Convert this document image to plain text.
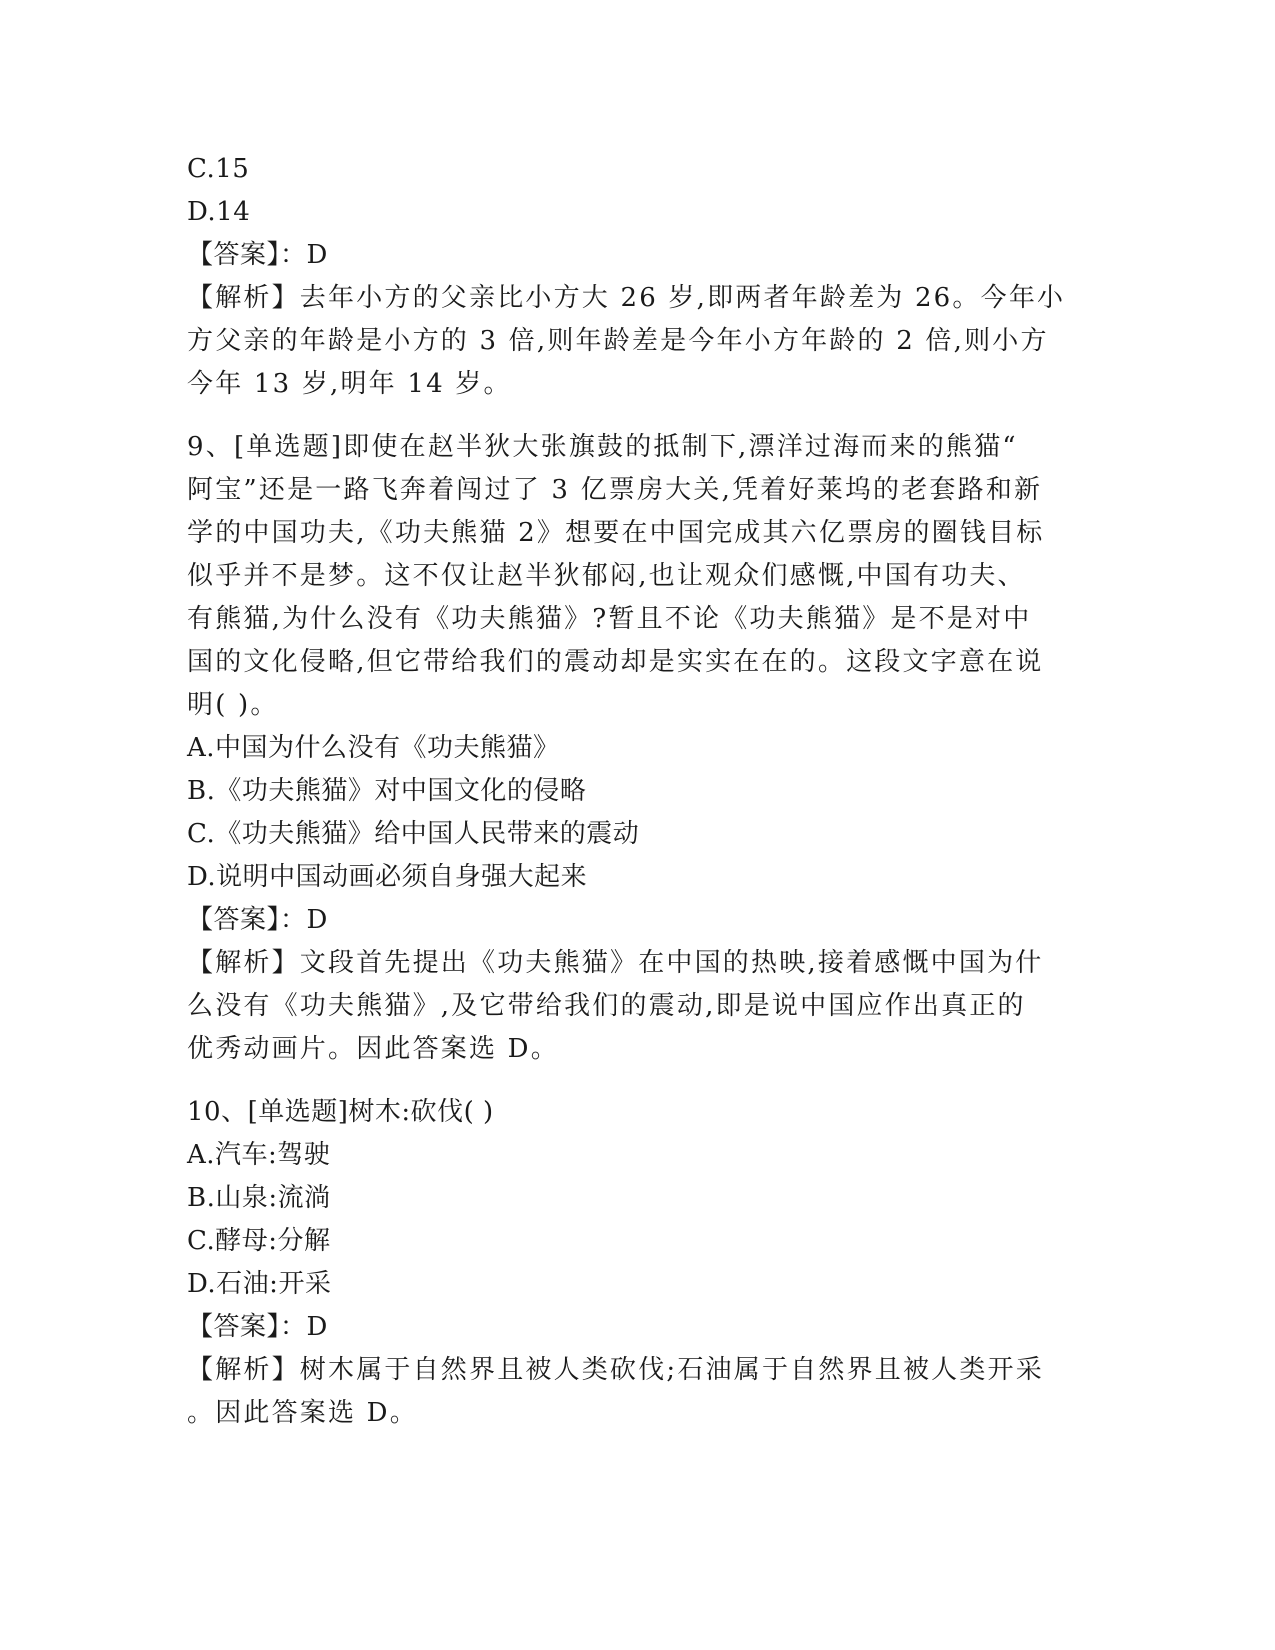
C.15
D.14
【答案】：D
【解析】去年小方的父亲比小方大 26 岁,即两者年龄差为 26。今年小
方父亲的年龄是小方的 3 倍,则年龄差是今年小方年龄的 2 倍,则小方
今年 13 岁,明年 14 岁。
9、[单选题]即使在赵半狄大张旗鼓的抵制下,漂洋过海而来的熊猫“
阿宝”还是一路飞奔着闯过了 3 亿票房大关,凭着好莱坞的老套路和新
学的中国功夫,《功夫熊猫 2》想要在中国完成其六亿票房的圈钱目标
似乎并不是梦。这不仅让赵半狄郁闷,也让观众们感慨,中国有功夫、
有熊猫,为什么没有《功夫熊猫》?暂且不论《功夫熊猫》是不是对中
国的文化侵略,但它带给我们的震动却是实实在在的。这段文字意在说
明( )。
A.中国为什么没有《功夫熊猫》
B.《功夫熊猫》对中国文化的侵略
C.《功夫熊猫》给中国人民带来的震动
D.说明中国动画必须自身强大起来
【答案】：D
【解析】文段首先提出《功夫熊猫》在中国的热映,接着感慨中国为什
么没有《功夫熊猫》,及它带给我们的震动,即是说中国应作出真正的
优秀动画片。因此答案选 D。
10、[单选题]树木:砍伐( )
A.汽车:驾驶
B.山泉:流淌
C.酵母:分解
D.石油:开采
【答案】：D
【解析】树木属于自然界且被人类砍伐;石油属于自然界且被人类开采
。因此答案选 D。
